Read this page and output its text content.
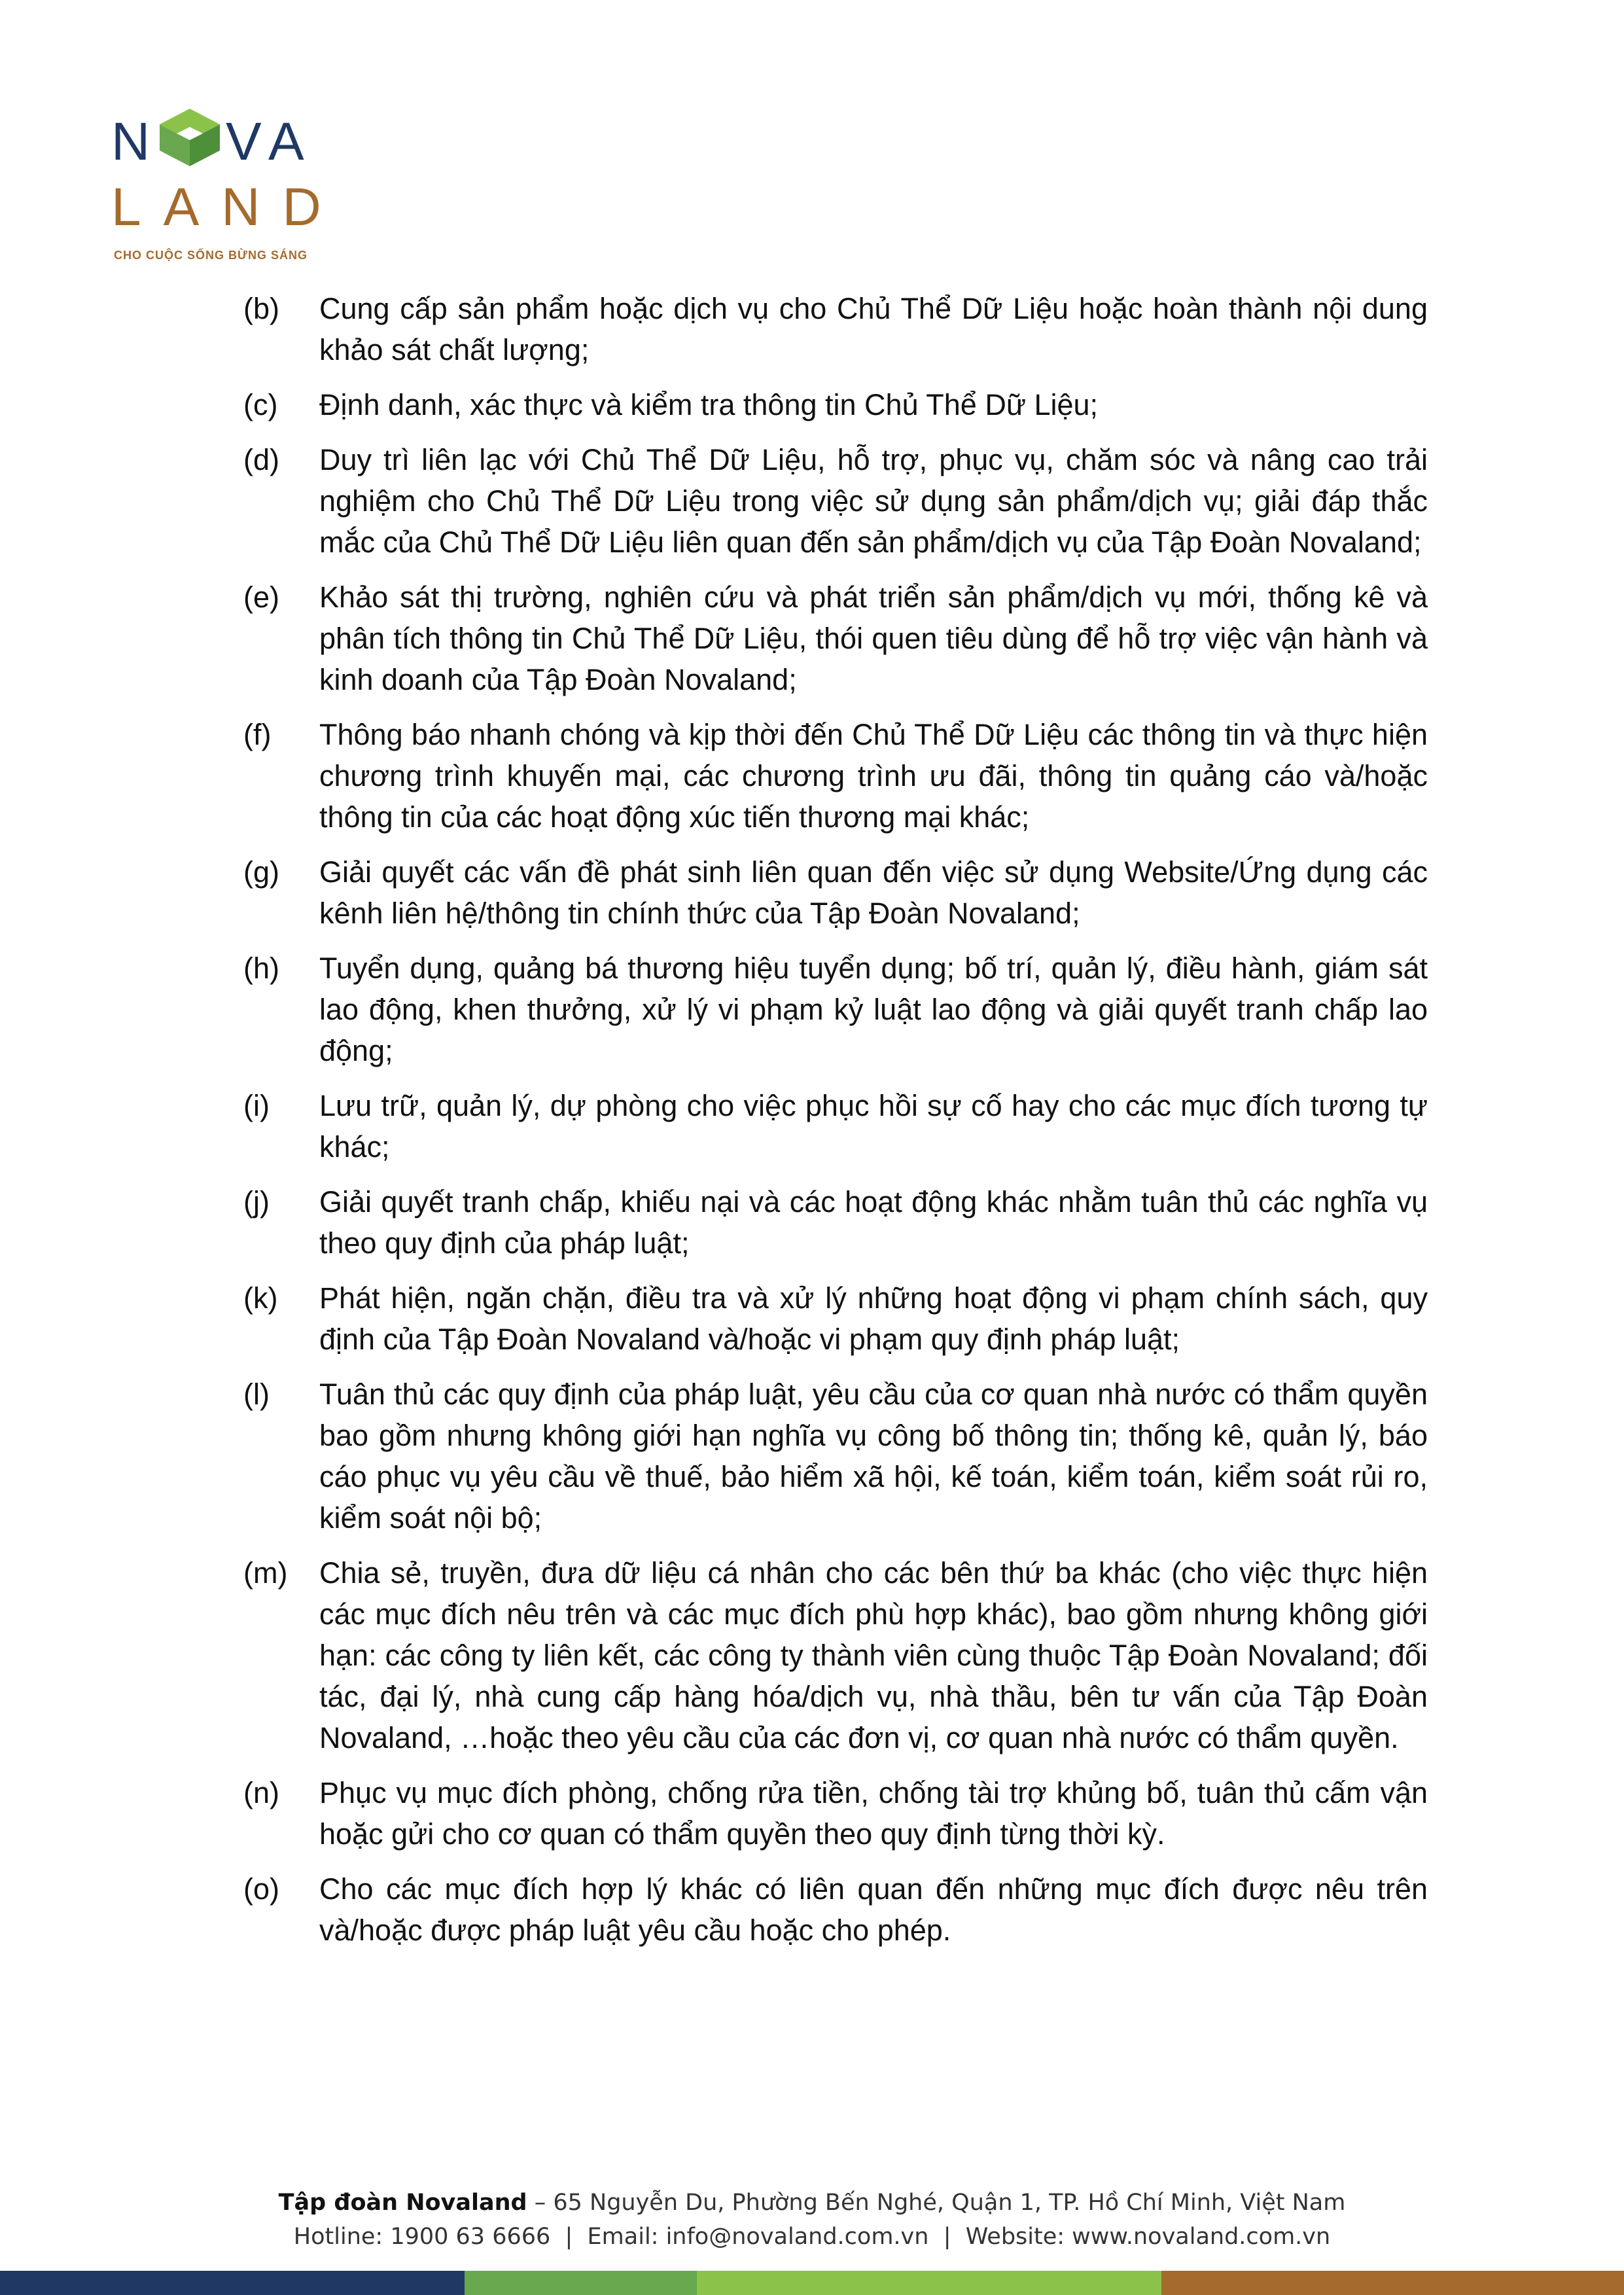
N V A
LAND
CHO CUỘC SỐNG BỪNG SÁNG
(b)	Cung cấp sản phẩm hoặc dịch vụ cho Chủ Thể Dữ Liệu hoặc hoàn thành nội dung khảo sát chất lượng;
(c)	Định danh, xác thực và kiểm tra thông tin Chủ Thể Dữ Liệu;
(d)	Duy trì liên lạc với Chủ Thể Dữ Liệu, hỗ trợ, phục vụ, chăm sóc và nâng cao trải nghiệm cho Chủ Thể Dữ Liệu trong việc sử dụng sản phẩm/dịch vụ; giải đáp thắc mắc của Chủ Thể Dữ Liệu liên quan đến sản phẩm/dịch vụ của Tập Đoàn Novaland;
(e)	Khảo sát thị trường, nghiên cứu và phát triển sản phẩm/dịch vụ mới, thống kê và phân tích thông tin Chủ Thể Dữ Liệu, thói quen tiêu dùng để hỗ trợ việc vận hành và kinh doanh của Tập Đoàn Novaland;
(f)	Thông báo nhanh chóng và kịp thời đến Chủ Thể Dữ Liệu các thông tin và thực hiện chương trình khuyến mại, các chương trình ưu đãi, thông tin quảng cáo và/hoặc thông tin của các hoạt động xúc tiến thương mại khác;
(g)	Giải quyết các vấn đề phát sinh liên quan đến việc sử dụng Website/Ứng dụng các kênh liên hệ/thông tin chính thức của Tập Đoàn Novaland;
(h)	Tuyển dụng, quảng bá thương hiệu tuyển dụng; bố trí, quản lý, điều hành, giám sát lao động, khen thưởng, xử lý vi phạm kỷ luật lao động và giải quyết tranh chấp lao động;
(i)	Lưu trữ, quản lý, dự phòng cho việc phục hồi sự cố hay cho các mục đích tương tự khác;
(j)	Giải quyết tranh chấp, khiếu nại và các hoạt động khác nhằm tuân thủ các nghĩa vụ theo quy định của pháp luật;
(k)	Phát hiện, ngăn chặn, điều tra và xử lý những hoạt động vi phạm chính sách, quy định của Tập Đoàn Novaland và/hoặc vi phạm quy định pháp luật;
(l)	Tuân thủ các quy định của pháp luật, yêu cầu của cơ quan nhà nước có thẩm quyền bao gồm nhưng không giới hạn nghĩa vụ công bố thông tin; thống kê, quản lý, báo cáo phục vụ yêu cầu về thuế, bảo hiểm xã hội, kế toán, kiểm toán, kiểm soát rủi ro, kiểm soát nội bộ;
(m)	Chia sẻ, truyền, đưa dữ liệu cá nhân cho các bên thứ ba khác (cho việc thực hiện các mục đích nêu trên và các mục đích phù hợp khác), bao gồm nhưng không giới hạn: các công ty liên kết, các công ty thành viên cùng thuộc Tập Đoàn Novaland; đối tác, đại lý, nhà cung cấp hàng hóa/dịch vụ, nhà thầu, bên tư vấn của Tập Đoàn Novaland, …hoặc theo yêu cầu của các đơn vị, cơ quan nhà nước có thẩm quyền.
(n)	Phục vụ mục đích phòng, chống rửa tiền, chống tài trợ khủng bố, tuân thủ cấm vận hoặc gửi cho cơ quan có thẩm quyền theo quy định từng thời kỳ.
(o)	Cho các mục đích hợp lý khác có liên quan đến những mục đích được nêu trên và/hoặc được pháp luật yêu cầu hoặc cho phép.
Tập đoàn Novaland – 65 Nguyễn Du, Phường Bến Nghé, Quận 1, TP. Hồ Chí Minh, Việt Nam
Hotline: 1900 63 6666  |  Email: info@novaland.com.vn  |  Website: www.novaland.com.vn
